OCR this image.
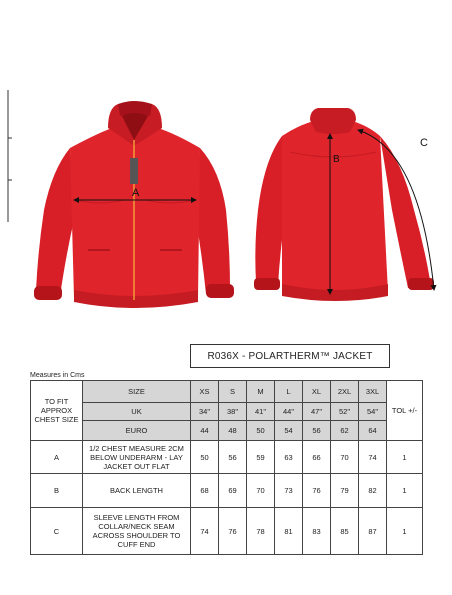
A
B
C
R036X - POLARTHERM™ JACKET
Measures in Cms
TO FIT APPROX CHEST SIZE	SIZE	XS	S	M	L	XL	2XL	3XL	TOL +/-
	UK	34"	38"	41"	44"	47"	52"	54"	
	EURO	44	48	50	54	56	62	64	
A	1/2 CHEST MEASURE 2CM BELOW UNDERARM - LAY JACKET OUT FLAT	50	56	59	63	66	70	74	1
B	BACK LENGTH	68	69	70	73	76	79	82	1
C	SLEEVE LENGTH FROM COLLAR/NECK SEAM ACROSS SHOULDER TO CUFF END	74	76	78	81	83	85	87	1
